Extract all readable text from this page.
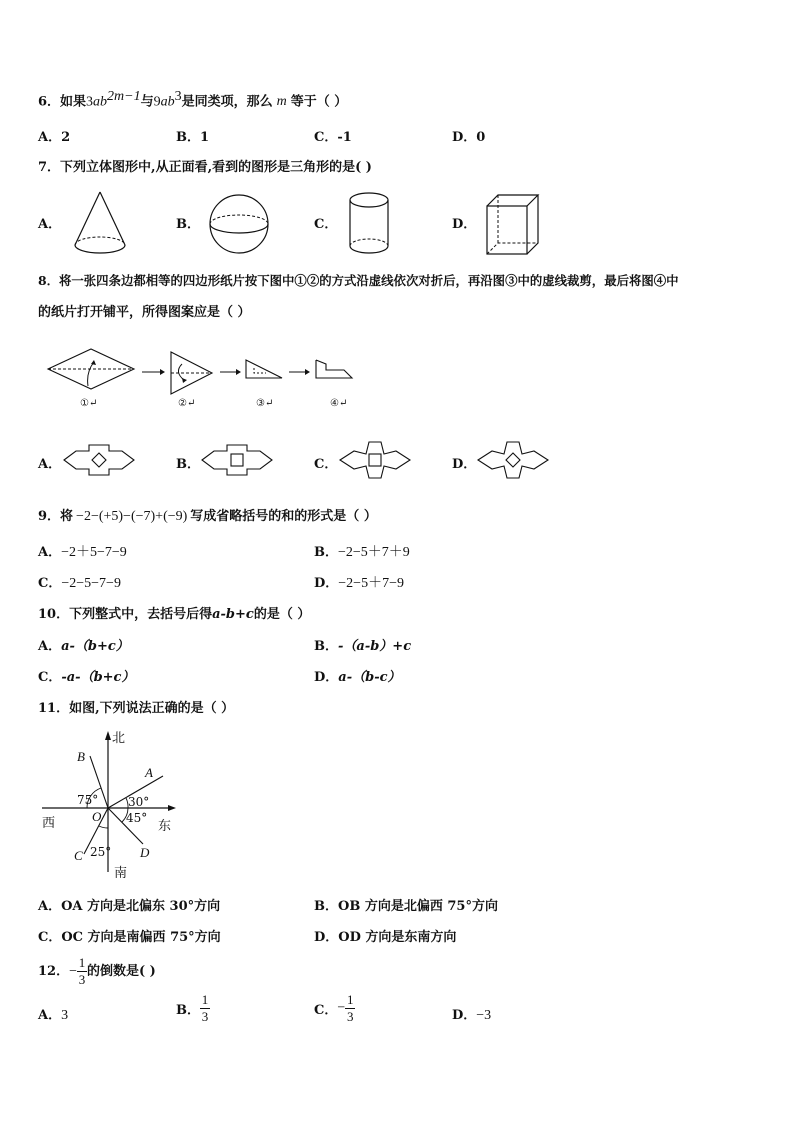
6．如果$3ab^{2m-1}$与$9ab^3$是同类项，那么 m 等于（ ）
A．2	B．1	C．-1	D．0
7．下列立体图形中,从正面看,看到的图形是三角形的是( )
A．	B．	C．	D．
8．将一张四条边都相等的四边形纸片按下图中①②的方式沿虚线依次对折后，再沿图③中的虚线裁剪，最后将图④中
的纸片打开铺平，所得图案应是（ ）
①↵	②↵	③↵	④↵
A．	B．	C．	D．
9．将 −2−(+5)−(−7)+(−9) 写成省略括号的和的形式是（ ）
A．−2＋5−7−9	B．−2−5＋7＋9
C．−2−5−7−9	D．−2−5＋7−9
10．下列整式中，去括号后得a-b+c的是（ ）
A．a-（b+c）	B．-（a-b）+c
C．-a-（b+c）	D．a-（b-c）
11．如图,下列说法正确的是（ ）
北
南
东
西
A
B
C	D
O
75° 30°
45°
25°
A．OA 方向是北偏东 30°方向	B．OB 方向是北偏西 75°方向
C．OC 方向是南偏西 75°方向	D．OD 方向是东南方向
12．− $\frac{1}{3}$ 的倒数是( )
A．3	B． $\frac{1}{3}$	C．− $\frac{1}{3}$	D．−3
